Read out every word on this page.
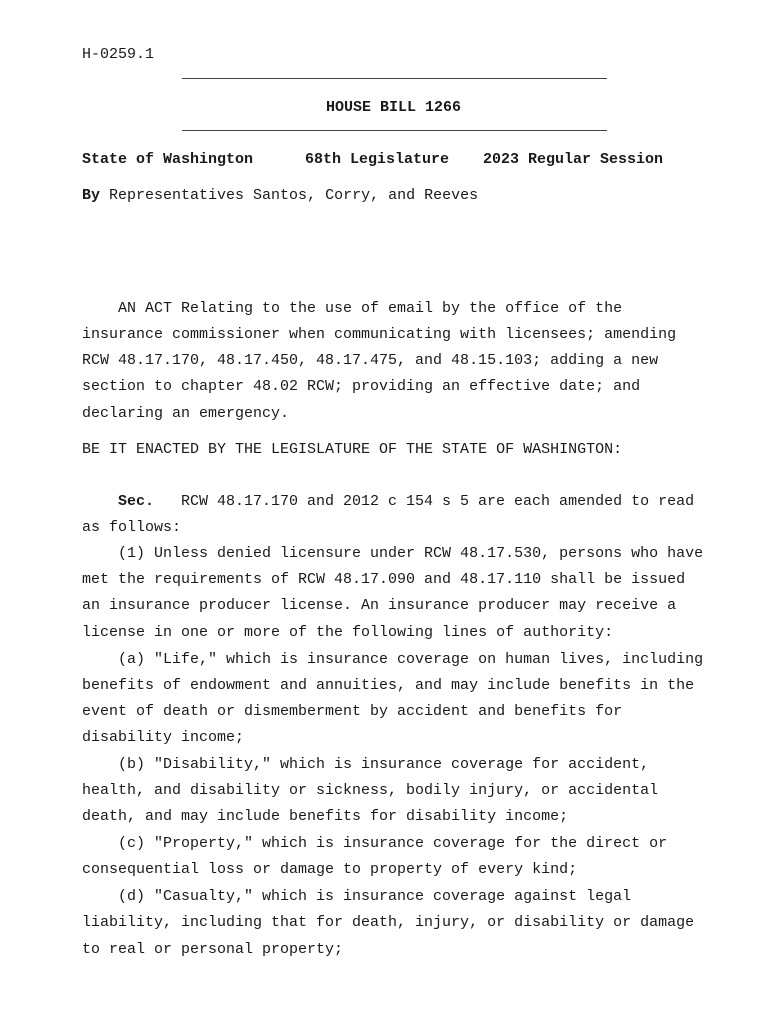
H-0259.1
HOUSE BILL 1266
State of Washington	68th Legislature 2023 Regular Session
By Representatives Santos, Corry, and Reeves
AN ACT Relating to the use of email by the office of the
insurance commissioner when communicating with licensees; amending
RCW 48.17.170, 48.17.450, 48.17.475, and 48.15.103; adding a new
section to chapter 48.02 RCW; providing an effective date; and
declaring an emergency.
BE IT ENACTED BY THE LEGISLATURE OF THE STATE OF WASHINGTON:
Sec. RCW 48.17.170 and 2012 c 154 s 5 are each amended to read
as follows:
(1) Unless denied licensure under RCW 48.17.530, persons who have
met the requirements of RCW 48.17.090 and 48.17.110 shall be issued
an insurance producer license. An insurance producer may receive a
license in one or more of the following lines of authority:
(a) "Life," which is insurance coverage on human lives, including
benefits of endowment and annuities, and may include benefits in the
event of death or dismemberment by accident and benefits for
disability income;
(b) "Disability," which is insurance coverage for accident,
health, and disability or sickness, bodily injury, or accidental
death, and may include benefits for disability income;
(c) "Property," which is insurance coverage for the direct or
consequential loss or damage to property of every kind;
(d) "Casualty," which is insurance coverage against legal
liability, including that for death, injury, or disability or damage
to real or personal property;
